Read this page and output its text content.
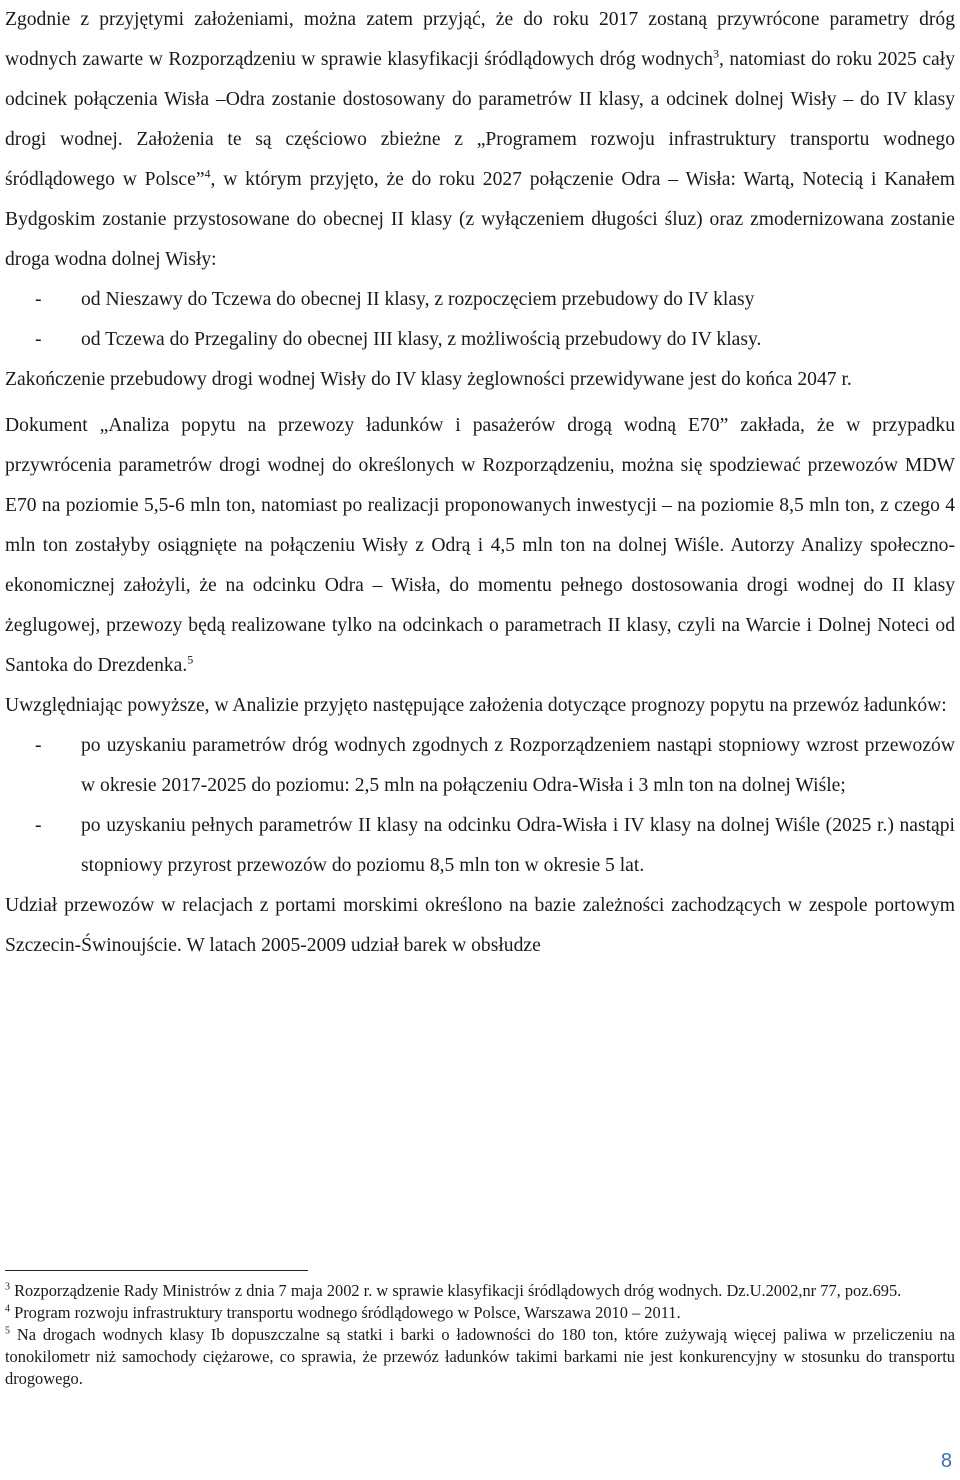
Zgodnie z przyjętymi założeniami, można zatem przyjąć, że do roku 2017 zostaną przywrócone parametry dróg wodnych zawarte w Rozporządzeniu w sprawie klasyfikacji śródlądowych dróg wodnych$^3$, natomiast do roku 2025 cały odcinek połączenia Wisła –Odra zostanie dostosowany do parametrów II klasy, a odcinek dolnej Wisły – do IV klasy drogi wodnej. Założenia te są częściowo zbieżne z „Programem rozwoju infrastruktury transportu wodnego śródlądowego w Polsce”$^4$, w którym przyjęto, że do roku 2027 połączenie Odra – Wisła: Wartą, Notecią i Kanałem Bydgoskim zostanie przystosowane do obecnej II klasy (z wyłączeniem długości śluz) oraz zmodernizowana zostanie droga wodna dolnej Wisły:

-	od Nieszawy do Tczewa do obecnej II klasy, z rozpoczęciem przebudowy do IV klasy
-	od Tczewa do Przegaliny do obecnej III klasy, z możliwością przebudowy do IV klasy.

Zakończenie przebudowy drogi wodnej Wisły do IV klasy żeglowności przewidywane jest do końca 2047 r.

Dokument „Analiza popytu na przewozy ładunków i pasażerów drogą wodną E70” zakłada, że w przypadku przywrócenia parametrów drogi wodnej do określonych w Rozporządzeniu, można się spodziewać przewozów MDW E70 na poziomie 5,5-6 mln ton, natomiast po realizacji proponowanych inwestycji – na poziomie 8,5 mln ton, z czego 4 mln ton zostałyby osiągnięte na połączeniu Wisły z Odrą i 4,5 mln ton na dolnej Wiśle. Autorzy Analizy społeczno-ekonomicznej założyli, że na odcinku Odra – Wisła, do momentu pełnego dostosowania drogi wodnej do II klasy żeglugowej, przewozy będą realizowane tylko na odcinkach o parametrach II klasy, czyli na Warcie i Dolnej Noteci od Santoka do Drezdenka.$^5$

Uwzględniając powyższe, w Analizie przyjęto następujące założenia dotyczące prognozy popytu na przewóz ładunków:

-	po uzyskaniu parametrów dróg wodnych zgodnych z Rozporządzeniem nastąpi stopniowy wzrost przewozów w okresie 2017-2025 do poziomu: 2,5 mln na połączeniu Odra-Wisła i 3 mln ton na dolnej Wiśle;
-	po uzyskaniu pełnych parametrów II klasy na odcinku Odra-Wisła i IV klasy na dolnej Wiśle (2025 r.) nastąpi stopniowy przyrost przewozów do poziomu 8,5 mln ton w okresie 5 lat.

Udział przewozów w relacjach z portami morskimi określono na bazie zależności zachodzących w zespole portowym Szczecin-Świnoujście. W latach 2005-2009 udział barek w obsłudze

$^3$ Rozporządzenie Rady Ministrów z dnia 7 maja 2002 r. w sprawie klasyfikacji śródlądowych dróg wodnych. Dz.U.2002,nr 77, poz.695.

$^4$ Program rozwoju infrastruktury transportu wodnego śródlądowego w Polsce, Warszawa 2010 – 2011.

$^5$ Na drogach wodnych klasy Ib dopuszczalne są statki i barki o ładowności do 180 ton, które zużywają więcej paliwa w przeliczeniu na tonokilometr niż samochody ciężarowe, co sprawia, że przewóz ładunków takimi barkami nie jest konkurencyjny w stosunku do transportu drogowego.

8
